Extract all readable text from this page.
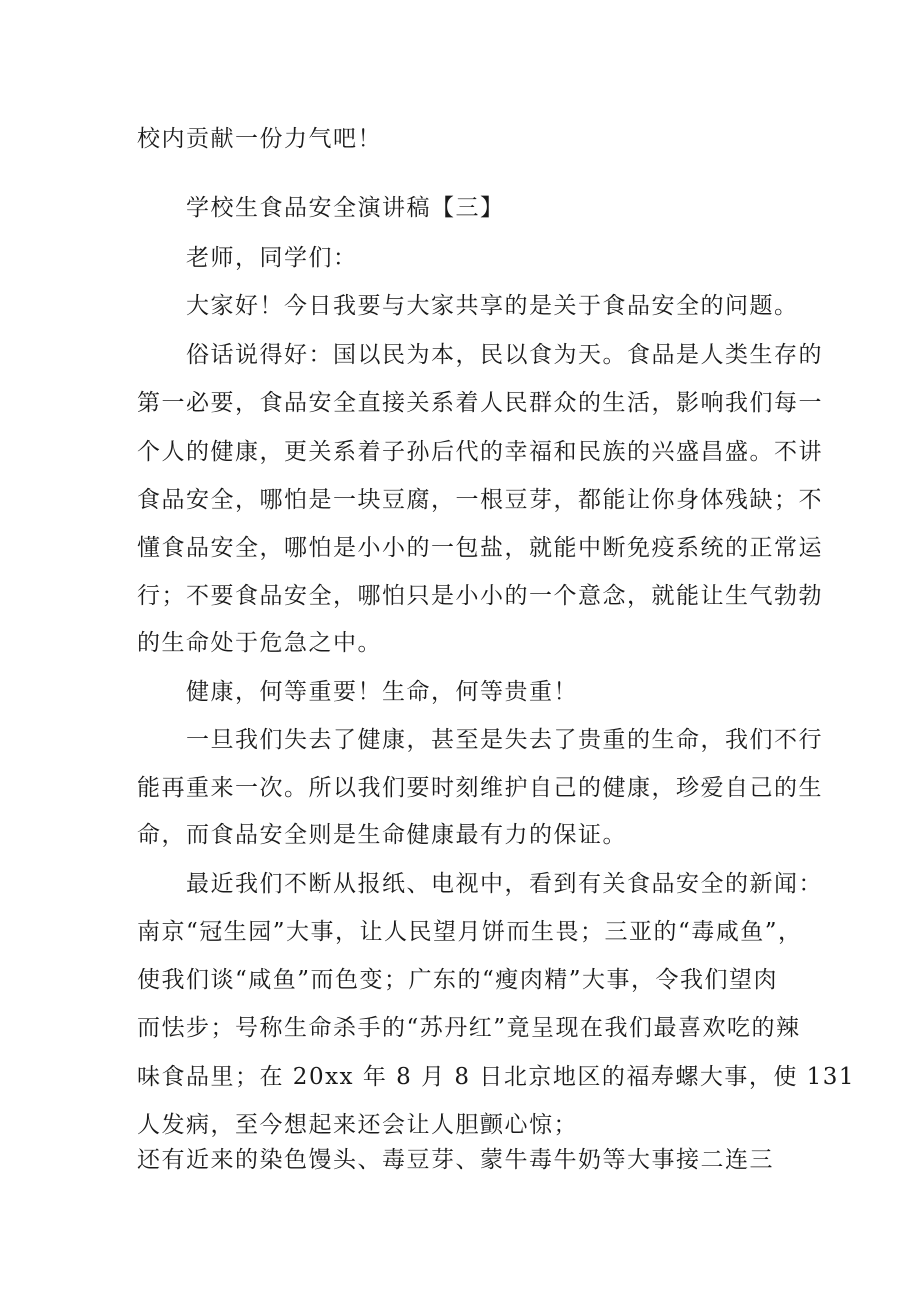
校内贡献一份力气吧！
学校生食品安全演讲稿【三】
老师，同学们：
大家好！今日我要与大家共享的是关于食品安全的问题。
俗话说得好：国以民为本，民以食为天。食品是人类生存的
第一必要，食品安全直接关系着人民群众的生活，影响我们每一
个人的健康，更关系着子孙后代的幸福和民族的兴盛昌盛。不讲
食品安全，哪怕是一块豆腐，一根豆芽，都能让你身体残缺；不
懂食品安全，哪怕是小小的一包盐，就能中断免疫系统的正常运
行；不要食品安全，哪怕只是小小的一个意念，就能让生气勃勃
的生命处于危急之中。
健康，何等重要！生命，何等贵重！
一旦我们失去了健康，甚至是失去了贵重的生命，我们不行
能再重来一次。所以我们要时刻维护自己的健康，珍爱自己的生
命，而食品安全则是生命健康最有力的保证。
最近我们不断从报纸、电视中，看到有关食品安全的新闻：
南京“冠生园”大事，让人民望月饼而生畏；三亚的“毒咸鱼”，
使我们谈“咸鱼”而色变；广东的“瘦肉精”大事，令我们望肉
而怯步；号称生命杀手的“苏丹红”竟呈现在我们最喜欢吃的辣
味食品里；在 20xx 年 8 月 8 日北京地区的福寿螺大事，使 131
人发病，至今想起来还会让人胆颤心惊；
还有近来的染色馒头、毒豆芽、蒙牛毒牛奶等大事接二连三
